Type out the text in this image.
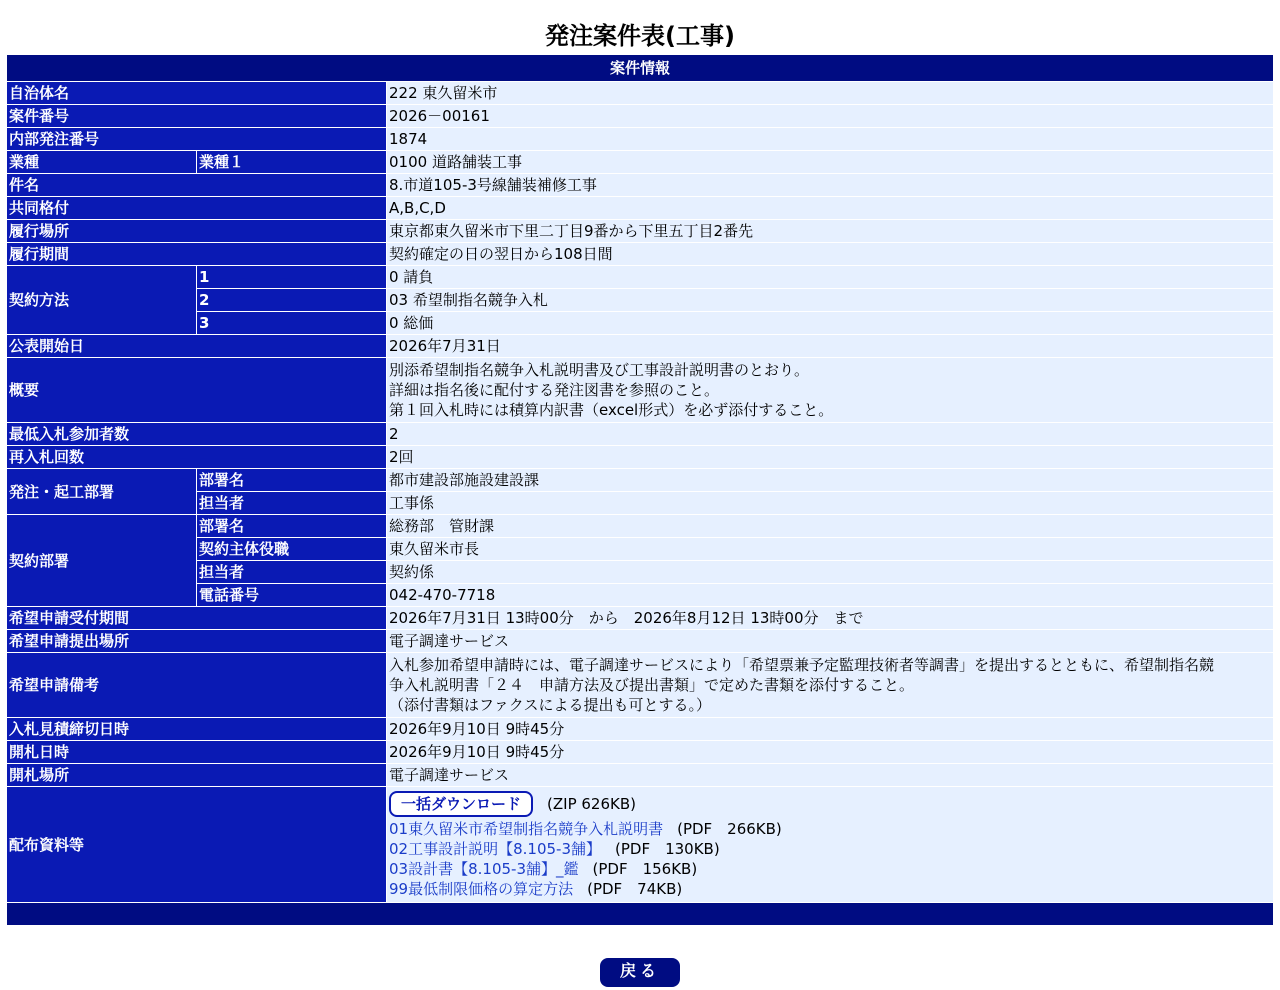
発注案件表(工事)
案件情報		
自治体名		222 東久留米市
案件番号		2026－00161
内部発注番号		1874
業種	業種１	0100 道路舗装工事
件名		8.市道105-3号線舗装補修工事
共同格付		A,B,C,D
履行場所		東京都東久留米市下里二丁目9番から下里五丁目2番先
履行期間		契約確定の日の翌日から108日間
契約方法	1	0 請負
	2	03 希望制指名競争入札
	3	0 総価
公表開始日		2026年7月31日
概要		別添希望制指名競争入札説明書及び工事設計説明書のとおり。
詳細は指名後に配付する発注図書を参照のこと。
第１回入札時には積算内訳書（excel形式）を必ず添付すること。

最低入札参加者数		2
再入札回数		2回
発注・起工部署	部署名	都市建設部施設建設課
	担当者	工事係
契約部署	部署名	総務部　管財課
	契約主体役職	東久留米市長
	担当者	契約係
	電話番号	042-470-7718
希望申請受付期間		2026年7月31日 13時00分　から　2026年8月12日 13時00分　まで
希望申請提出場所		電子調達サービス
希望申請備考		入札参加希望申請時には、電子調達サービスにより「希望票兼予定監理技術者等調書」を提出するとともに、希望制指名競
争入札説明書「２４　申請方法及び提出書類」で定めた書類を添付すること。
（添付書類はファクスによる提出も可とする。）

入札見積締切日時		2026年9月10日 9時45分
開札日時		2026年9月10日 9時45分
開札場所		電子調達サービス
配布資料等		一括ダウンロード (ZIP 626KB)
01東久留米市希望制指名競争入札説明書 (PDF　266KB)
02工事設計説明【8.105-3舗】 (PDF　130KB)
03設計書【8.105-3舗】_鑑 (PDF　156KB)
99最低制限価格の算定方法 (PDF　74KB)

戻る
